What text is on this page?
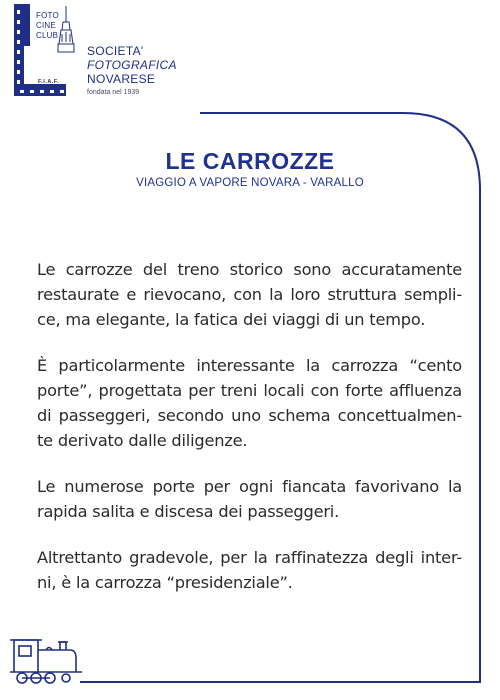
FOTO
CINE
CLUB
F.I.A.F.
SOCIETA'
FOTOGRAFICA
NOVARESE
fondata nel 1939
LE CARROZZE
VIAGGIO A VAPORE NOVARA - VARALLO

Le carrozze del treno storico sono accuratamente restaurate e rievocano, con la loro struttura sempli-ce, ma elegante, la fatica dei viaggi di un tempo.

È particolarmente interessante la carrozza “cento porte”, progettata per treni locali con forte affluenza di passeggeri, secondo uno schema concettualmen-te derivato dalle diligenze.

Le numerose porte per ogni fiancata favorivano la rapida salita e discesa dei passeggeri.

Altrettanto gradevole, per la raffinatezza degli inter-ni, è la carrozza “presidenziale”.
